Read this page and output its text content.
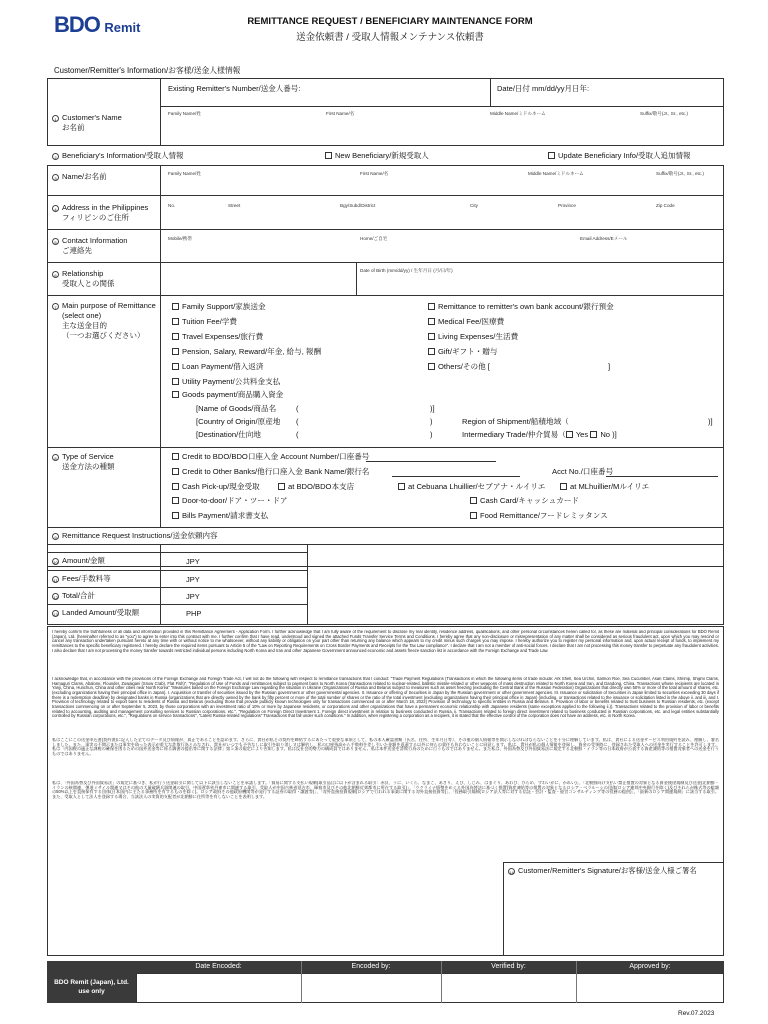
BDO Remit	REMITTANCE REQUEST / BENEFICIARY MAINTENANCE FORM
送金依頼書 / 受取人情報メンテナンス依頼書
Customer/Remitter's Information/お客様/送金人様情報
Existing Remitter's Number/送金人番号:	Date/日付 mm/dd/yy月日年:
1 Customer's Name
お名前
Family Name/姓	First Name/名	Middle Name/ミドルネーム	Suffix/敬号(Jr., Sr., etc.)
2 Beneficiary's Information/受取人情報	New Beneficiary/新規受取人	Update Beneficiary Info/受取人追加情報
3 Name/お名前	Family Name/姓	First Name/名	Middle Name/ミドルネーム	Suffix/敬号(Jr., Sr., etc.)
4 Address in the Philippines
フィリピンのご住所
No.	Street	Bgy/Subd/District	City	Province	Zip Code
5 Contact Information
ご連絡先
Mobile/携帯	Home/ご自宅	Email Address/Eメール
6 Relationship
受取人との関係
Date of Birth (mm/dd/yy) / 生年月日 (月/日/年)
7 Main purpose of Remittance
(select one)
主な送金目的
（一つお選びください）
Family Support/家族送金
Tuition Fee/学費
Travel Expenses/旅行費
Pension, Salary, Reward/年金, 給与, 報酬
Loan Payment/借入返済
Utility Payment/公共料金支払
Goods payment/商品購入資金
Remittance to remitter's own bank account/銀行預金
Medical Fee/医療費
Living Expenses/生活費
Gift/ギフト・贈与
Others/その他 [	]
[Name of Goods/商品名	(	)]
[Country of Origin/原産地 (	)
[Destination/仕向地	(	)
Region of Shipment/船積地域（	)]
Intermediary Trade/仲介貿易（ Yes No )]
8 Type of Service
送金方法の種類
Credit to BDO/BDO口座入金 Account Number/口座番号
Credit to Other Banks/他行口座入金 Bank Name/銀行名	Acct No./口座番号
Cash Pick-up/現金受取	at BDO/BDO本支店	at Cebuana Lhuillier/セブアナ・ルイリエ	at MLhuillier/Mルイリエ
Door-to-door/ドア・ツー・ドア	Cash Card/キャッシュカード
Bills Payment/請求書支払	Food Remittance/フードレミッタンス
9 Remittance Request Instructions/送金依頼内容
10 Amount/金額	JPY
11 Fees/手数料等	JPY
12 Total/合計	JPY
13 Landed Amount/受取額	PHP
I hereby confirm the truthfulness of all data and information provided in this Remittance Agreement - Application Form. I further acknowledge that I am fully aware of the requirement to disclose my real identity, residence address, qualifications, and other personal circumstances herein called for, as these are material and principal considerations for BDO Remit (Japan), Ltd. (hereinafter referred to as "you") to agree to enter into this contract with me. I further confirm that I have read, understood and signed the attached Funds Transfer Service Terms and Conditions. I hereby agree that any non-disclosure or misrepresentation of any matter shall be considered as serious fraudulent act, upon which you may rescind or cancel any transaction undertaken pursuant hereto at any time with or without notice to me whatsoever, without any liability or obligation on your part other than returning any balance which appears to my credit minus such charges you may impose. I hereby authorize you to register my personal information and, upon actual receipt of funds, to implement my remittances to the specific beneficiary registered. I hereby declare the required items pursuant to Article 5 of the "Law on Reporting Requirements on Cross Border Payments and Receipts for the Tax Law compliance". I declare that I am not a member of anti-social forces. I declare that I am not processing this money transfer to perpetuate any fraudulent activities. I also declare that I am not processing the money transfer towards restricted individual persons including North Korea and Iran and other Japanese Government announced economic and assets freeze sanction list in accordance with the Foreign Exchange and Trade Law.
I acknowledge that, in accordance with the provisions of the Foreign Exchange and Foreign Trade Act, I will not do the following with respect to remittance transactions that I conduct: "Trade Payment Regulations (Transactions in which the following items of trade include: Ark Shell, Sea Urchin, Salmon Roe, Sea Cucumber, Asari Clams, Shrimp, Shijimi Clams, Hamaguri Clams, Abalone, Flounder, Zuwaigani (Snow Crab), Flat Fish)", "Regulation of Use of Funds and remittances subject to payment bans to North Korea (transactions related to nuclear-related, ballistic missile-related or other weapons of mass destruction related to North Korea and Iran, and Dandong, China. Transactions whose recipients are located in Yanji, China, Hunchun, China and other cities near North Korea" "Measures based on the Foreign Exchange Law regarding the situation in Ukraine (Organizations of Russia and Belarus subject to measures such as asset freezing (excluding the Central Bank of the Russian Federation) Organizations that directly own 50% or more of the total amount of shares, etc. (excluding organizations having their principal office in Japan). I. Acquisition or transfer of securities issued by the Russian government or other governmental agencies. II. Issuance or offering of Securities in Japan by the Russian government or other government agencies. III. Issuance or solicitation of Securities in Japan limited to securities exceeding 30 days if there is a redemption deadline) by designated banks in Russia (organizations that are directly owned by the bank by fifty percent or more of the total number of shares or the ratio of the total investment (excluding organizations having their principal office in Japan) (including, or transactions related to the issuance or solicitation listed in the above ii. and iii, and I. Provision of technology related to export bans to residents of Russia and Belarus (excluding those that provide publicly known technologies only for transactions commenced on or after March 18, 2022) Provision of technology to specific entities in Russia and Belarus. II. Provision of labor or benefits related to trust business to Russian residents, etc. (except transactions commencing on or after September 5, 2023, by those corporations with an investment ratio of 10% or more by Japanese residents, or corporations and other organizations that have a permanent economic relationship with Japanese residents (same exceptions applied to the following ii.)). Transactions related to the provision of labor or benefits related to accounting, auditing and management consulting services to Russian corporations, etc.", "Regulation on Foreign Direct Investment 1. Foreign direct investment in relation to business conducted in Russia, ii. Transactions related to foreign direct investment related to business conducted in Russian corporations, etc. and legal entities substantially controlled by Russian corporations, etc.", "Regulations on service transactions", "Latest Russia-related regulations" Transactions that fall under such conditions." In addition, when registering a corporation as a recipient, it is stated that the effective control of the corporation does not have an address, etc. in North Korea.
私はここにこの送金申込書(契約書)に記入した全てのデータ及び情報が、真正であることを認めます。さらに、貴社が私との契約を締結するにあたって重要な事項として、私の本人確認書類（氏名、住所、生年月日等）、その他の個人情報等を開示しなければならないことを十分に理解しています。私は、貴社による送金サービス利用規約を読み、理解し、署名しました。また、事実の不開示または事実を偽った表示が重大な詐欺行為とみなされ、貴社がいつでも予告なしに取引を取り消し又は解約し、私の口座残高から手数料を差し引いた金額を返還する以外に何らの責任も負わないことに同意します。私は、貴社が私の個人情報を登録し、資金の受領時に、登録された受取人への送金を実行することを許可します。私は「内国税の適正な課税の確保を図るための国外送金等に係る調書の提出等に関する法律」第５条の規定により告知します。私は反社会的勢力の構成員ではありません。私は本件送金を詐欺行為のために行うものではありません。また私は、外国為替及び外国貿易法に規定する北朝鮮・イラン等の日本政府が公表する資産凍結等の措置対象者への送金を行うものではありません。
私は、「外国為替及び外国貿易法」の規定に基づき、私が行う送金取引に関して以下に該当しないことを承諾します。「貿易に関する支払い規制(取引品目に以下が含まれる取引：赤貝、うに、いくら、なまこ、あさり、えび、しじみ、はまぐり、あわび、ひらめ、ずわいがに、かれい)」、「北朝鮮向け支払い禁止措置の対象となる資金使途規制及び送金(北朝鮮・イランの核関連、弾道ミサイル関連又はその他の大量破壊兵器関連の取引、中国遼寧省丹東市に関連する取引、受取人が中国吉林省延吉市、琿春市及びその他北朝鮮近郊都市に所在する取引)」、「ウクライナ情勢をめぐる外国為替法に基づく措置(資産凍結等の措置の対象となるロシア・ベラルーシの団体(ロシア連邦中央銀行を除く)及びそれらが株式等の総額の50%以上を直接保有する団体(日本国内に主たる事務所を有するものを除く)。ロシア政府その他政府機関等が発行する証券の取得・譲渡等)」、「対外直接投資規制(ロシアで行われる事業に関する対外直接投資等)」、「役務取引規制(ロシア法人等に対する信託・会計・監査・経営コンサルティング等の役務の提供)」、「最新のロシア関連規制」に該当する取引。また、受取人として法人を登録する場合、当該法人の実質的支配者が北朝鮮に住所等を有しないことを表明します。
14 Customer/Remitter's Signature/お客様/送金人様ご署名
Date Encoded:	Encoded by:	Verified by:	Approved by:
BDO Remit (Japan), Ltd.
use only
Rev.07.2023
